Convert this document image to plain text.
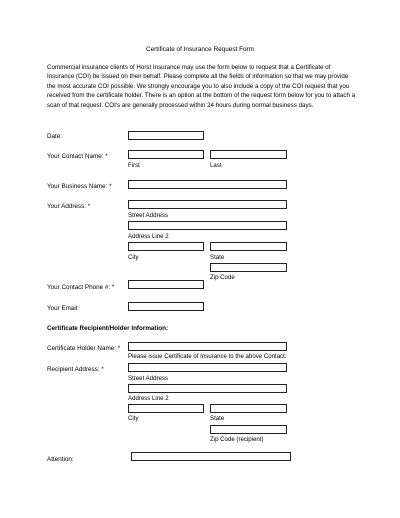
Certificate of Insurance Request Form
Commercial insurance clients of Horst Insurance may use the form below to request that a Certificate of Insurance (COI) be issued on their behalf. Please complete all the fields of information so that we may provide the most accurate COI possible. We strongly encourage you to also include a copy of the COI request that you received from the certificate holder. There is an option at the bottom of the request form below for you to attach a scan of that request. COI's are generally processed within 24 hours during normal business days.
Date:
Your Contact Name: *
First	Last
Your Business Name: *
Your Address: *
Street Address
Address Line 2
City	State
Zip Code
Your Contact Phone #: *
Your Email:
Certificate Recipient/Holder Information:
Certificate Holder Name: *
Please issue Certificate of Insurance to the above Contact:
Recipient Address: *
Street Address
Address Line 2
City	State
Zip Code (recipient)
Attention:
